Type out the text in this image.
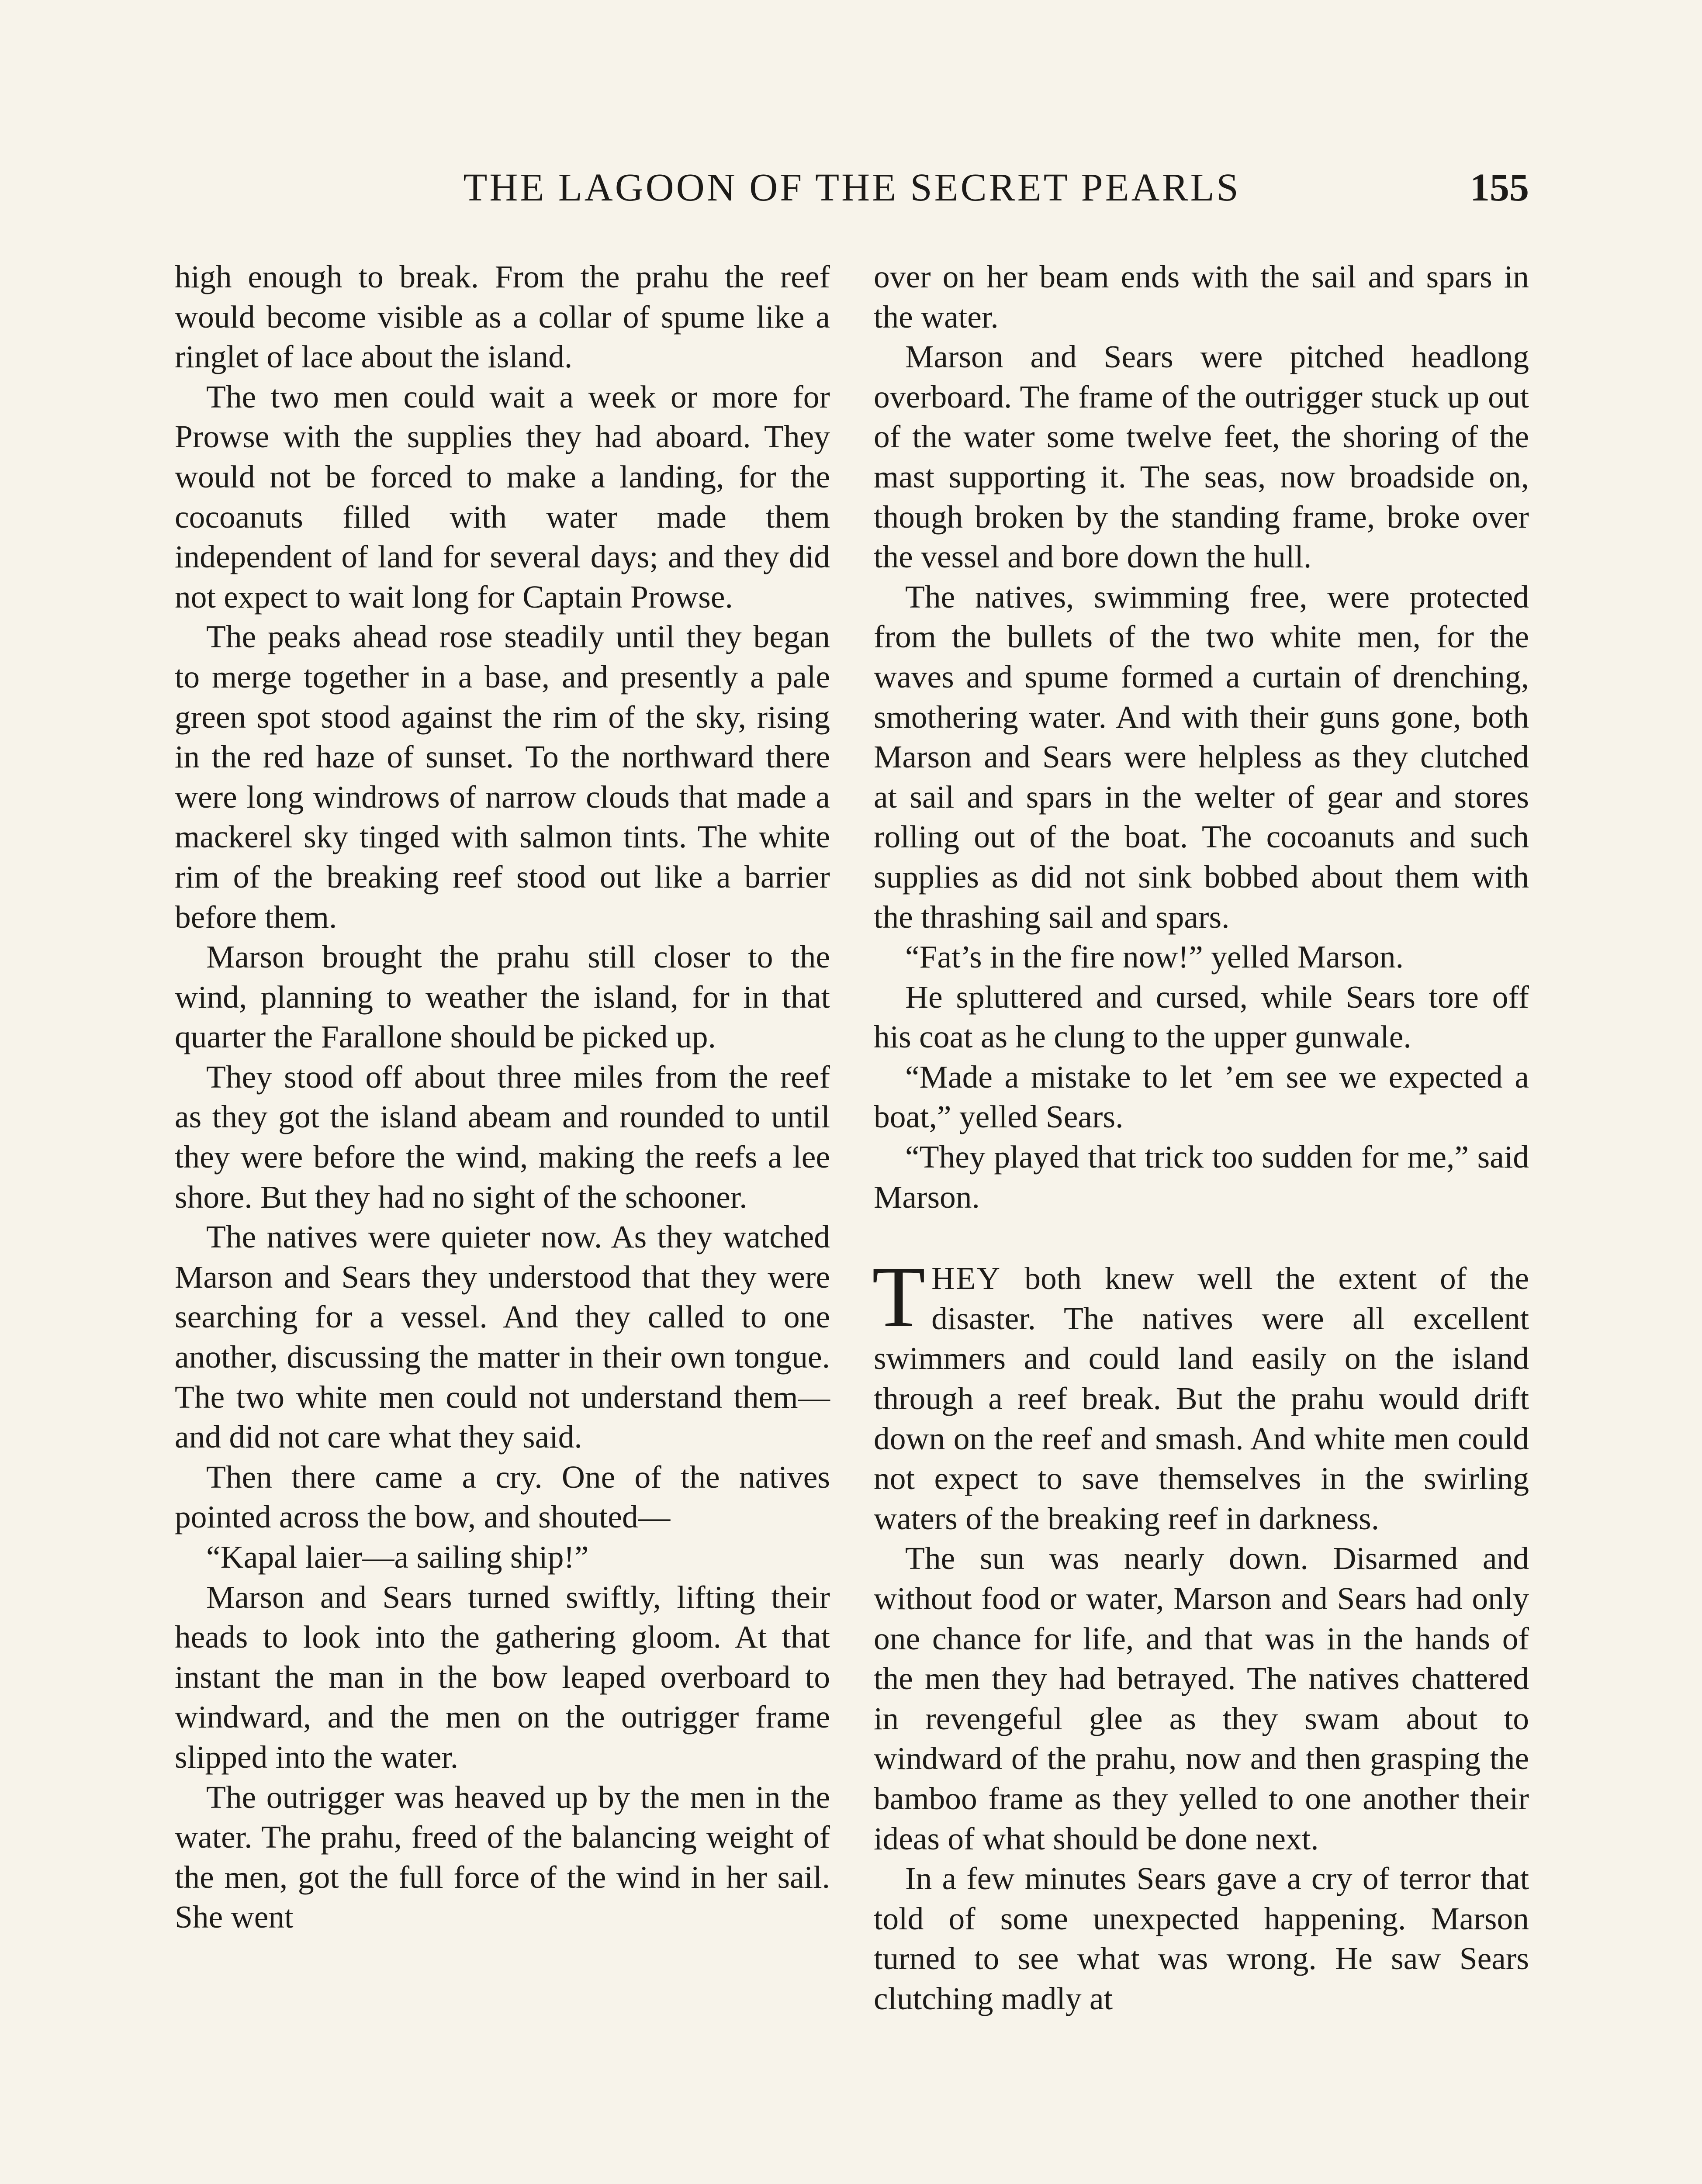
THE LAGOON OF THE SECRET PEARLS	155

high enough to break. From the prahu the reef would become visible as a collar of spume like a ringlet of lace about the island.

The two men could wait a week or more for Prowse with the supplies they had aboard. They would not be forced to make a landing, for the cocoanuts filled with water made them independent of land for several days; and they did not expect to wait long for Captain Prowse.

The peaks ahead rose steadily until they began to merge together in a base, and presently a pale green spot stood against the rim of the sky, rising in the red haze of sunset. To the northward there were long windrows of narrow clouds that made a mackerel sky tinged with salmon tints. The white rim of the breaking reef stood out like a barrier before them.

Marson brought the prahu still closer to the wind, planning to weather the island, for in that quarter the Farallone should be picked up.

They stood off about three miles from the reef as they got the island abeam and rounded to until they were before the wind, making the reefs a lee shore. But they had no sight of the schooner.

The natives were quieter now. As they watched Marson and Sears they understood that they were searching for a vessel. And they called to one another, discussing the matter in their own tongue. The two white men could not understand them—and did not care what they said.

Then there came a cry. One of the natives pointed across the bow, and shouted—

“Kapal laier—a sailing ship!”

Marson and Sears turned swiftly, lifting their heads to look into the gathering gloom. At that instant the man in the bow leaped overboard to windward, and the men on the outrigger frame slipped into the water.

The outrigger was heaved up by the men in the water. The prahu, freed of the balancing weight of the men, got the full force of the wind in her sail. She went

over on her beam ends with the sail and spars in the water.

Marson and Sears were pitched headlong overboard. The frame of the outrigger stuck up out of the water some twelve feet, the shoring of the mast supporting it. The seas, now broadside on, though broken by the standing frame, broke over the vessel and bore down the hull.

The natives, swimming free, were protected from the bullets of the two white men, for the waves and spume formed a curtain of drenching, smothering water. And with their guns gone, both Marson and Sears were helpless as they clutched at sail and spars in the welter of gear and stores rolling out of the boat. The cocoanuts and such supplies as did not sink bobbed about them with the thrashing sail and spars.

“Fat’s in the fire now!” yelled Marson.

He spluttered and cursed, while Sears tore off his coat as he clung to the upper gunwale.

“Made a mistake to let ’em see we expected a boat,” yelled Sears.

“They played that trick too sudden for me,” said Marson.

THEY both knew well the extent of the disaster. The natives were all excellent swimmers and could land easily on the island through a reef break. But the prahu would drift down on the reef and smash. And white men could not expect to save themselves in the swirling waters of the breaking reef in darkness.

The sun was nearly down. Disarmed and without food or water, Marson and Sears had only one chance for life, and that was in the hands of the men they had betrayed. The natives chattered in revengeful glee as they swam about to windward of the prahu, now and then grasping the bamboo frame as they yelled to one another their ideas of what should be done next.

In a few minutes Sears gave a cry of terror that told of some unexpected happening. Marson turned to see what was wrong. He saw Sears clutching madly at
